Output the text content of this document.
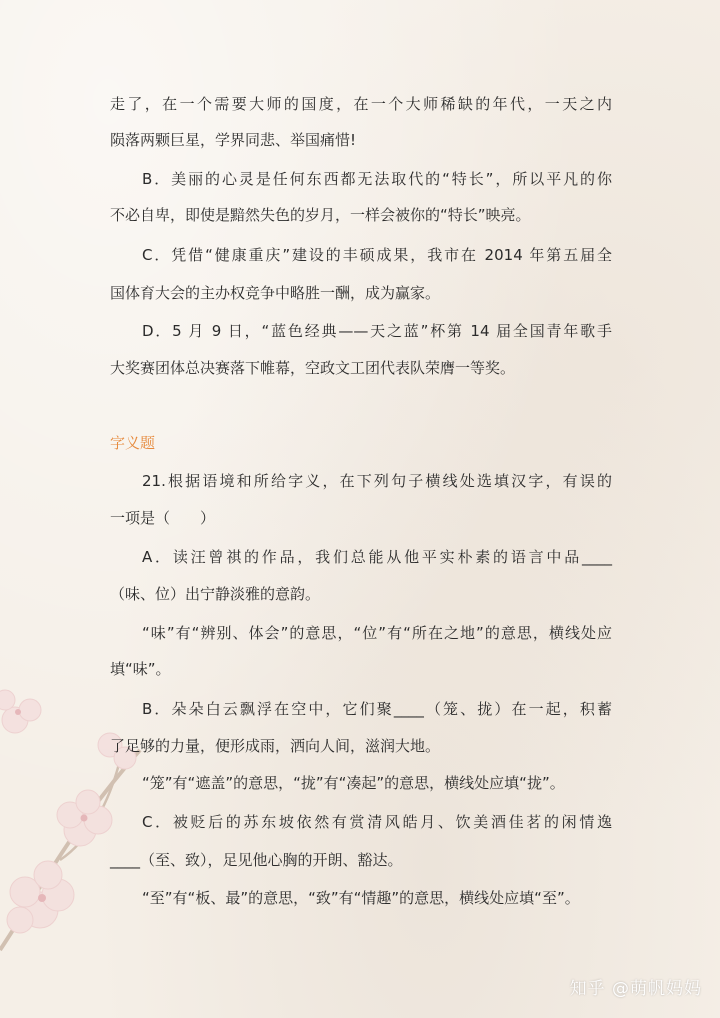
走了，在一个需要大师的国度，在一个大师稀缺的年代，一天之内
陨落两颗巨星，学界同悲、举国痛惜!
B．美丽的心灵是任何东西都无法取代的“特长”，所以平凡的你
不必自卑，即使是黯然失色的岁月，一样会被你的“特长”映亮。
C．凭借“健康重庆”建设的丰硕成果，我市在 2014 年第五届全
国体育大会的主办权竞争中略胜一酬，成为赢家。
D．5 月 9 日，“蓝色经典——天之蓝”杯第 14 届全国青年歌手
大奖赛团体总决赛落下帷幕，空政文工团代表队荣膺一等奖。
字义题
21.根据语境和所给字义，在下列句子横线处选填汉字，有误的
一项是（　　）
A．读汪曾祺的作品，我们总能从他平实朴素的语言中品____
（味、位）出宁静淡雅的意韵。
“味”有“辨别、体会”的意思，“位”有“所在之地”的意思，横线处应
填“味”。
B．朵朵白云飘浮在空中，它们聚____（笼、拢）在一起，积蓄
了足够的力量，便形成雨，洒向人间，滋润大地。
“笼”有“遮盖”的意思，“拢”有“凑起”的意思，横线处应填“拢”。
C．被贬后的苏东坡依然有赏清风皓月、饮美酒佳茗的闲情逸
____（至、致），足见他心胸的开朗、豁达。
“至”有“板、最”的意思，“致”有“情趣”的意思，横线处应填“至”。
知乎 @萌帆妈妈
